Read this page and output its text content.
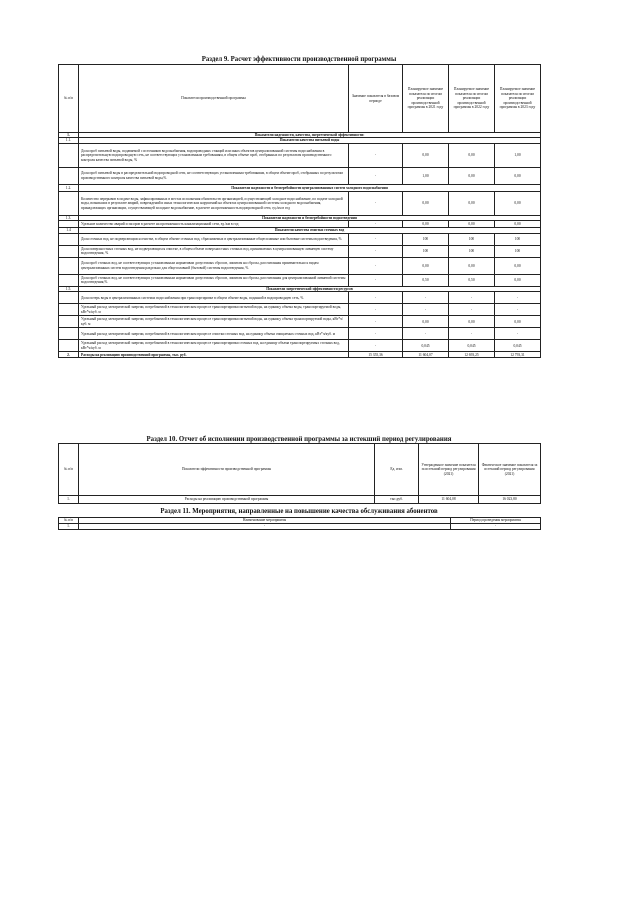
Раздел 9. Расчет эффективности производственной программы
№ п/п	Показатели производственной программы	Значение показателя в базовом периоде	Планируемое значение показателя по итогам реализации производственной программы в 2021 году	Планируемое значение показателя по итогам реализации производственной программы в 2022 году	Планируемое значение показателя по итогам реализации производственной программы в 2023 году
1.	Показатели надежности, качества, энергетической эффективности:				
1.1.	Показатели качества питьевой воды				
	Доля проб питьевой воды, подаваемой с источников водоснабжения, водопроводных станций или иных объектов централизованной системы водоснабжения в распределительную водопроводную сеть, не соответствующих установленным требованиям, в общем объеме проб, отобранных по результатам производственного контроля качества питьевой воды, %	-	0,00	0,00	1,00
	Доля проб питьевой воды в распределительной водопроводной сети, не соответствующих установленным требованиям, в общем объеме проб, отобранных по результатам производственного контроля качества питьевой воды,%	-	1,00	0,00	0,00
1.2.	Показатели надежности и бесперебойности централизованных систем холодного водоснабжения				
	Количество перерывов в подаче воды, зафиксированных в местах исполнения обязательств организацией, осуществляющей холодное водоснабжение, по подаче холодной воды, возникших в результате аварий, повреждений и иных технологических нарушений на объектах централизованной системы холодного водоснабжения, принадлежащих организации, осуществляющей холодное водоснабжение, в расчете на протяженность водопроводной сети, ед./км в год	-	0,00	0,00	0,00
1.3.	Показатели надежности и бесперебойности водоотведения				
	Удельное количество аварий и засоров в расчете на протяженность канализационной сети, ед./км в год	-	0,00	0,00	0,00
1.4	Показатели качества очистки сточных вод				
	Доля сточных вод, не подвергающихся очистке, в общем объеме сточных вод, сбрасываемых в централизованные общесплавные или бытовые системы водоотведения, %	-	100	100	100
	Доля поверхностных сточных вод, не подвергающихся очистке, в общем объеме поверхностных сточных вод, принимаемых в централизованную ливневую систему водоотведения, %	-	100	100	100
	Доля проб сточных вод, не соответствующих установленным нормативам допустимых сбросов, лимитам на сбросы, рассчитанная применительно к видам централизованных систем водоотведения раздельно для общесплавной (бытовой) системы водоотведения, %	-	0,00	0,00	0,00
	Доля проб сточных вод, не соответствующих установленным нормативам допустимых сбросов, лимитам на сбросы, рассчитанная для централизованной ливневой системы водоотведения,%	-	0,50	0,50	0,00
1.5.	Показатели энергетической эффективности ресурсов				
	Доля потерь воды в централизованных системах водоснабжения при транспортировке в общем объеме воды, поданной в водопроводную сеть, %	-	-	-	-
	Удельный расход электрической энергии, потребляемой в технологическом процессе транспортировки питьевой воды, на единицу объема воды, транспортируемой воды, кВт*ч/куб. м	-	-	-	-
	Удельный расход электрической энергии, потребляемой в технологическом процессе транспортировки питьевой воды, на единицу объема транспортируемой воды, кВт*ч/куб. м	-	0,00	0,00	0,00
	Удельный расход электрической энергии, потребляемой в технологическом процессе очистки сточных вод, на единицу объема очищаемых сточных вод, кВт*ч/куб. м	-	-	-	-
	Удельный расход электрической энергии, потребляемой в технологическом процессе транспортировки сточных вод, на единицу объема транспортируемых сточных вод, кВт*ч/куб. м	-	0,045	0,045	0,045
2.	Расходы на реализацию производственной программы, тыс. руб.	15 355,36	11 604,07	12 693,25	12 793,31
Раздел 10. Отчет об исполнении производственной программы за истекший период регулирования
№ п/п	Показатели эффективности производственной программы	Ед. изм.	Утвержденное значение показателя за истекший период регулирования (2021)	Фактическое значение показателя за истекший период регулирования (2021)
1.	Расходы на реализацию производственной программы	тыс.руб.	11 604,08	16 023,80
Раздел 11. Мероприятия, направленные на повышение качества обслуживания абонентов
№ п/п	Наименование мероприятия	Период проведения мероприятия
1.	-	-
